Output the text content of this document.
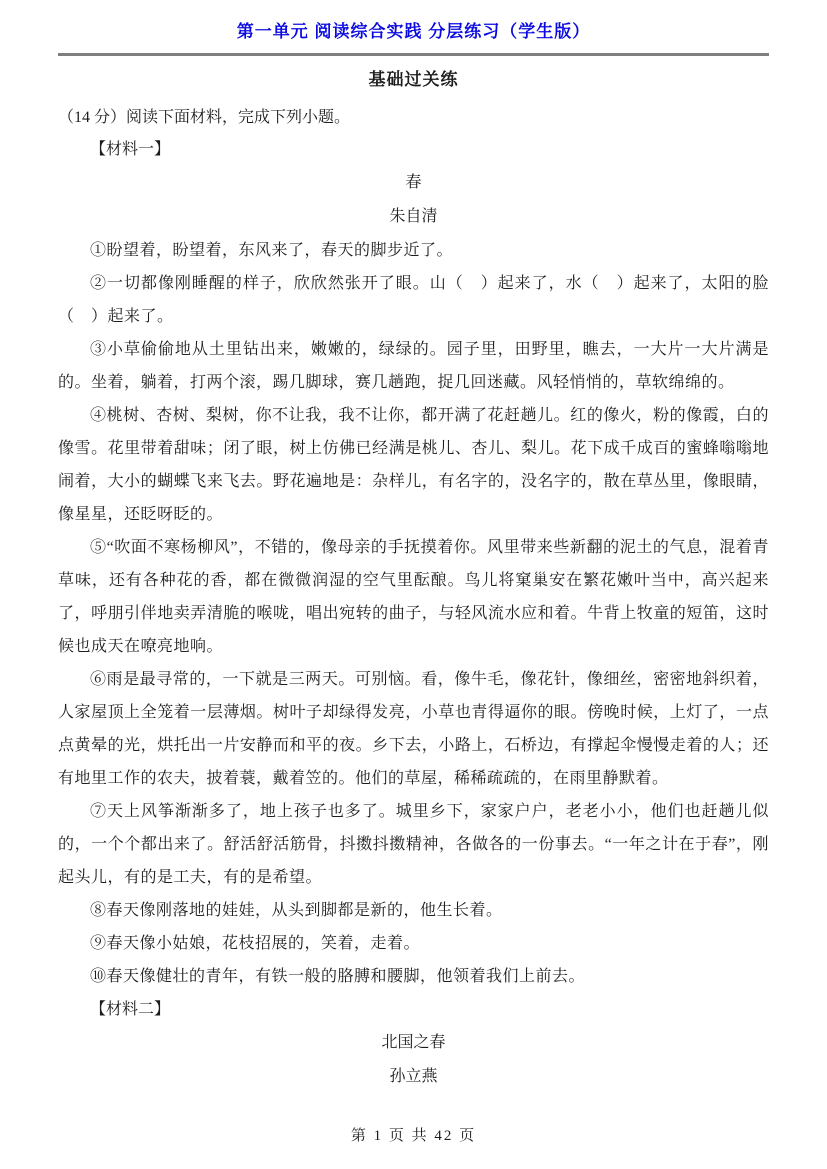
第一单元 阅读综合实践 分层练习（学生版）
基础过关练

（14 分）阅读下面材料，完成下列小题。

【材料一】

春

朱自清

①盼望着，盼望着，东风来了，春天的脚步近了。

②一切都像刚睡醒的样子，欣欣然张开了眼。山（　）起来了，水（　）起来了，太阳的脸（　）起来了。

③小草偷偷地从土里钻出来，嫩嫩的，绿绿的。园子里，田野里，瞧去，一大片一大片满是的。坐着，躺着，打两个滚，踢几脚球，赛几趟跑，捉几回迷藏。风轻悄悄的，草软绵绵的。

④桃树、杏树、梨树，你不让我，我不让你，都开满了花赶趟儿。红的像火，粉的像霞，白的像雪。花里带着甜味；闭了眼，树上仿佛已经满是桃儿、杏儿、梨儿。花下成千成百的蜜蜂嗡嗡地闹着，大小的蝴蝶飞来飞去。野花遍地是：杂样儿，有名字的，没名字的，散在草丛里，像眼睛，像星星，还眨呀眨的。

⑤“吹面不寒杨柳风”，不错的，像母亲的手抚摸着你。风里带来些新翻的泥土的气息，混着青草味，还有各种花的香，都在微微润湿的空气里酝酿。鸟儿将窠巢安在繁花嫩叶当中，高兴起来了，呼朋引伴地卖弄清脆的喉咙，唱出宛转的曲子，与轻风流水应和着。牛背上牧童的短笛，这时候也成天在嘹亮地响。

⑥雨是最寻常的，一下就是三两天。可别恼。看，像牛毛，像花针，像细丝，密密地斜织着，人家屋顶上全笼着一层薄烟。树叶子却绿得发亮，小草也青得逼你的眼。傍晚时候，上灯了，一点点黄晕的光，烘托出一片安静而和平的夜。乡下去，小路上，石桥边，有撑起伞慢慢走着的人；还有地里工作的农夫，披着蓑，戴着笠的。他们的草屋，稀稀疏疏的，在雨里静默着。

⑦天上风筝渐渐多了，地上孩子也多了。城里乡下，家家户户，老老小小，他们也赶趟儿似的，一个个都出来了。舒活舒活筋骨，抖擞抖擞精神，各做各的一份事去。“一年之计在于春”，刚起头儿，有的是工夫，有的是希望。

⑧春天像刚落地的娃娃，从头到脚都是新的，他生长着。

⑨春天像小姑娘，花枝招展的，笑着，走着。

⑩春天像健壮的青年，有铁一般的胳膊和腰脚，他领着我们上前去。

【材料二】

北国之春

孙立燕

第 1 页 共 42 页
